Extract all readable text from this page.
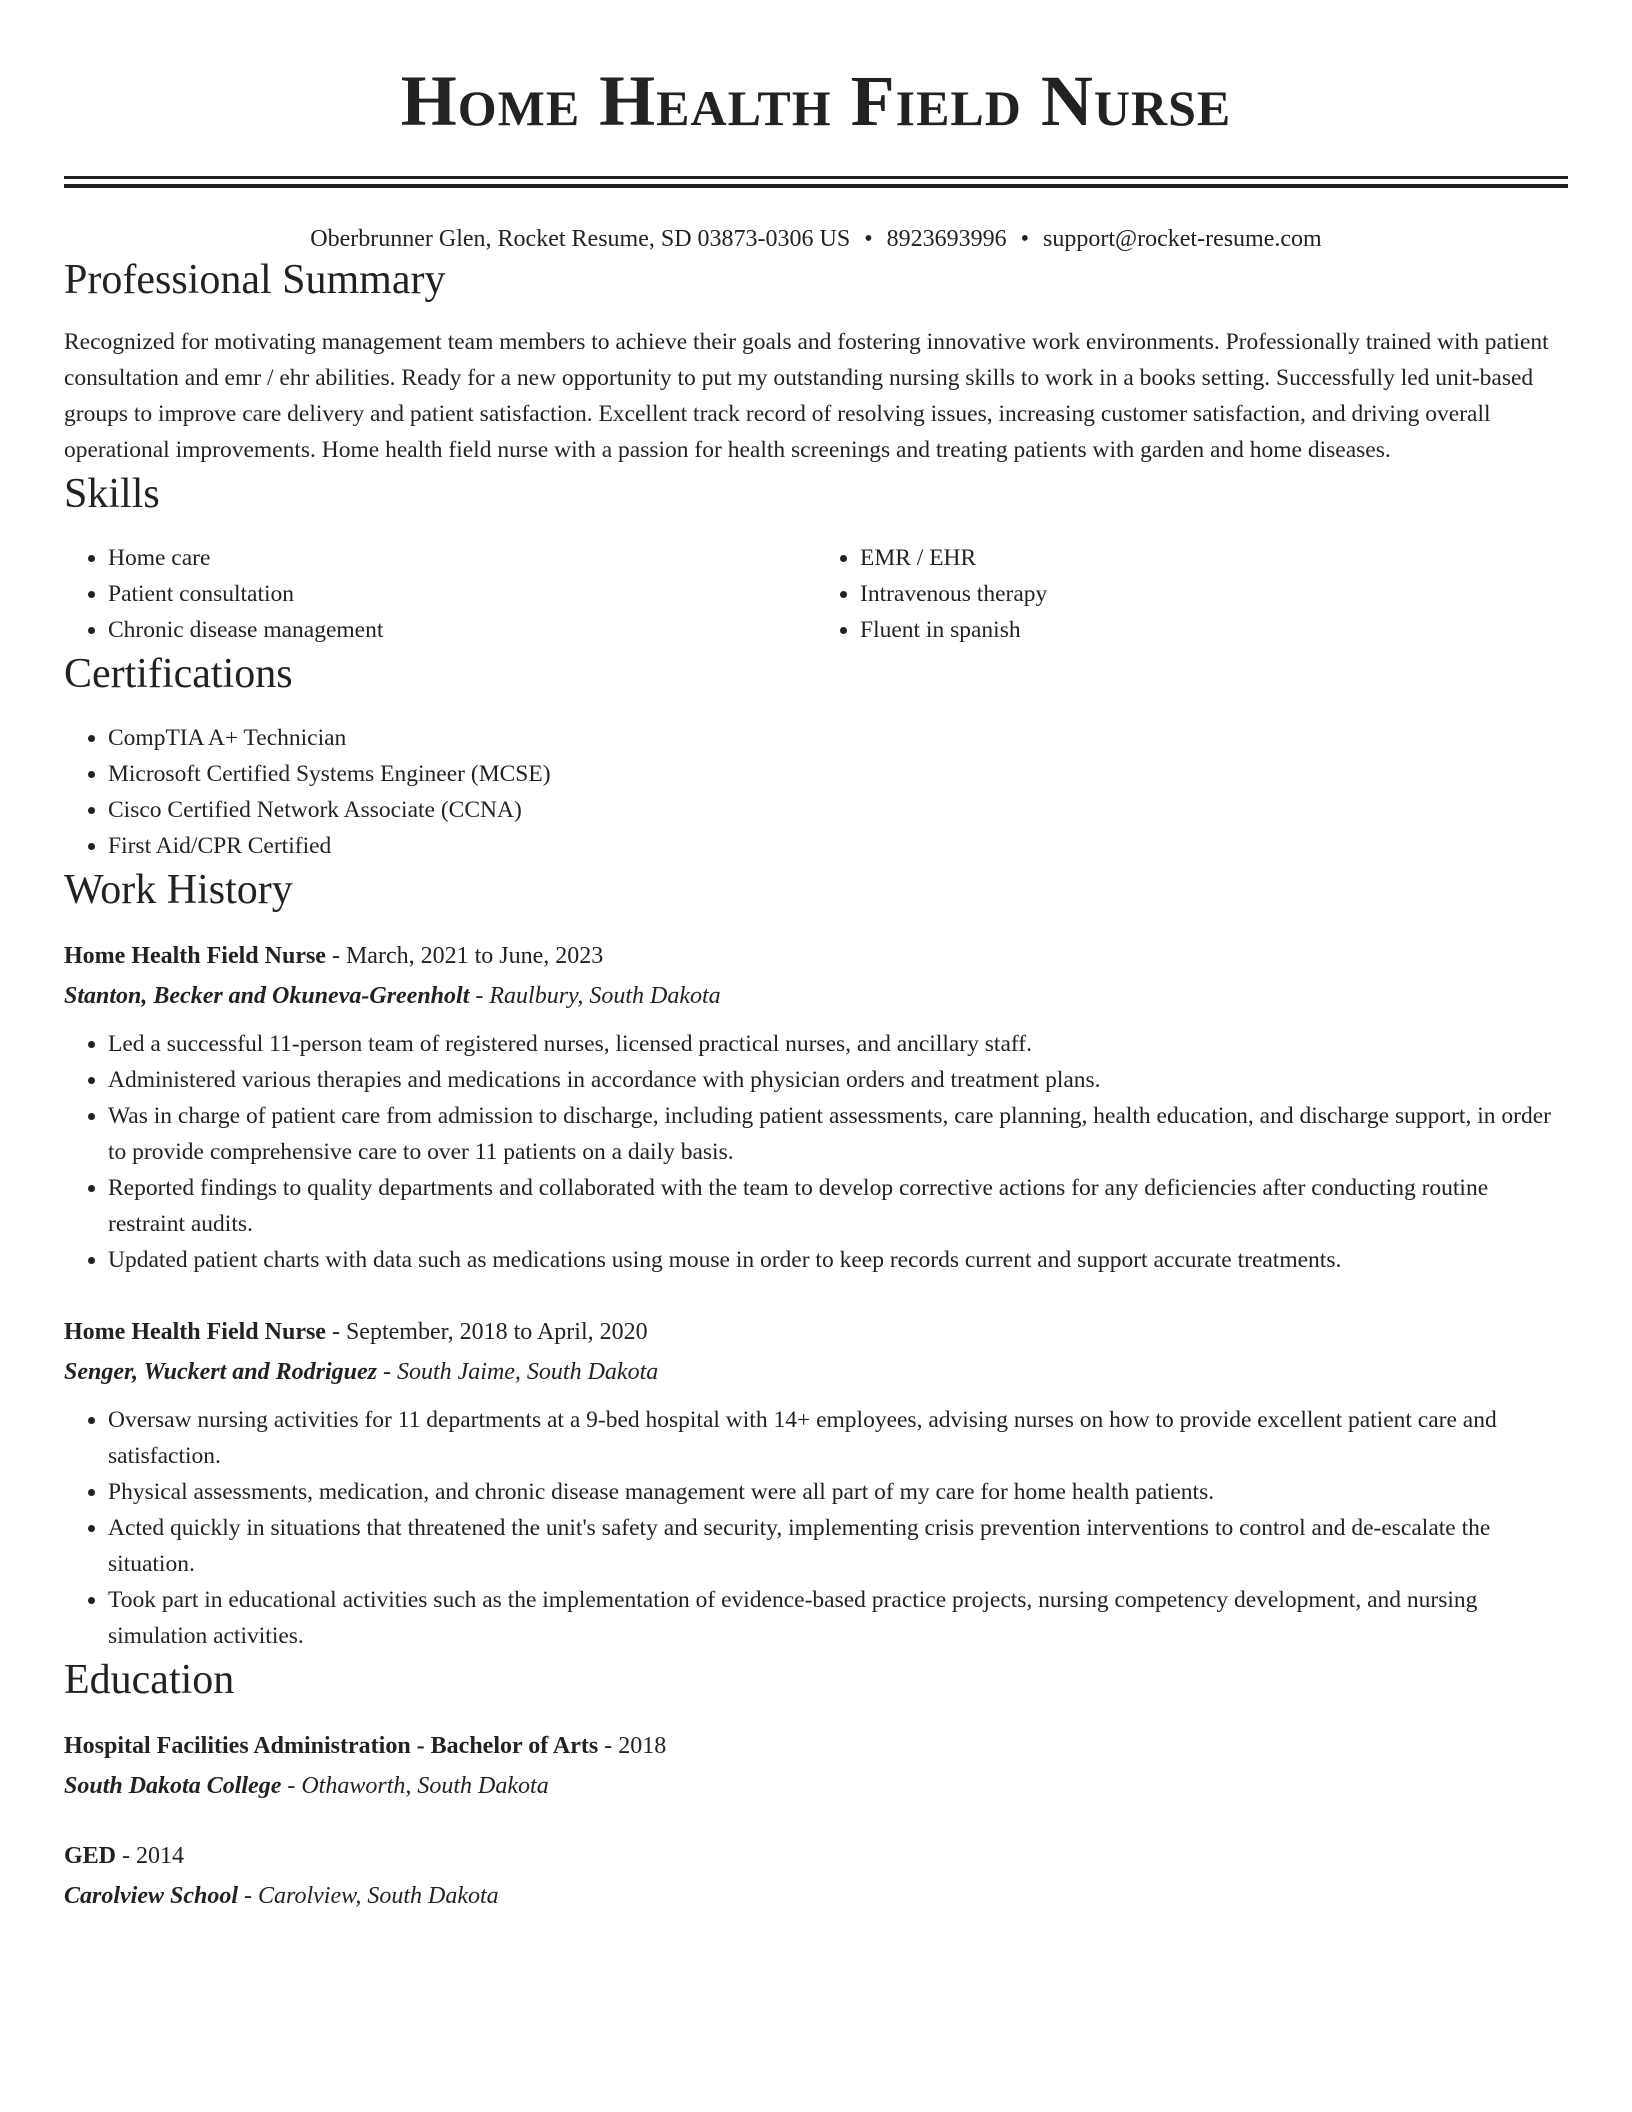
Home Health Field Nurse
Oberbrunner Glen, Rocket Resume, SD 03873-0306 US • 8923693996 • support@rocket-resume.com
Professional Summary

Recognized for motivating management team members to achieve their goals and fostering innovative work environments. Professionally trained with patient consultation and emr / ehr abilities. Ready for a new opportunity to put my outstanding nursing skills to work in a books setting. Successfully led unit-based groups to improve care delivery and patient satisfaction. Excellent track record of resolving issues, increasing customer satisfaction, and driving overall operational improvements. Home health field nurse with a passion for health screenings and treating patients with garden and home diseases.

Skills
• Home care
• Patient consultation
• Chronic disease management
• EMR / EHR
• Intravenous therapy
• Fluent in spanish
Certifications
• CompTIA A+ Technician
• Microsoft Certified Systems Engineer (MCSE)
• Cisco Certified Network Associate (CCNA)
• First Aid/CPR Certified
Work History
Home Health Field Nurse - March, 2021 to June, 2023
Stanton, Becker and Okuneva-Greenholt - Raulbury, South Dakota
• Led a successful 11-person team of registered nurses, licensed practical nurses, and ancillary staff.
• Administered various therapies and medications in accordance with physician orders and treatment plans.
• Was in charge of patient care from admission to discharge, including patient assessments, care planning, health education, and discharge support, in order to provide comprehensive care to over 11 patients on a daily basis.
• Reported findings to quality departments and collaborated with the team to develop corrective actions for any deficiencies after conducting routine restraint audits.
• Updated patient charts with data such as medications using mouse in order to keep records current and support accurate treatments.
Home Health Field Nurse - September, 2018 to April, 2020
Senger, Wuckert and Rodriguez - South Jaime, South Dakota
• Oversaw nursing activities for 11 departments at a 9-bed hospital with 14+ employees, advising nurses on how to provide excellent patient care and satisfaction.
• Physical assessments, medication, and chronic disease management were all part of my care for home health patients.
• Acted quickly in situations that threatened the unit's safety and security, implementing crisis prevention interventions to control and de-escalate the situation.
• Took part in educational activities such as the implementation of evidence-based practice projects, nursing competency development, and nursing simulation activities.
Education
Hospital Facilities Administration - Bachelor of Arts - 2018
South Dakota College - Othaworth, South Dakota
GED - 2014
Carolview School - Carolview, South Dakota
